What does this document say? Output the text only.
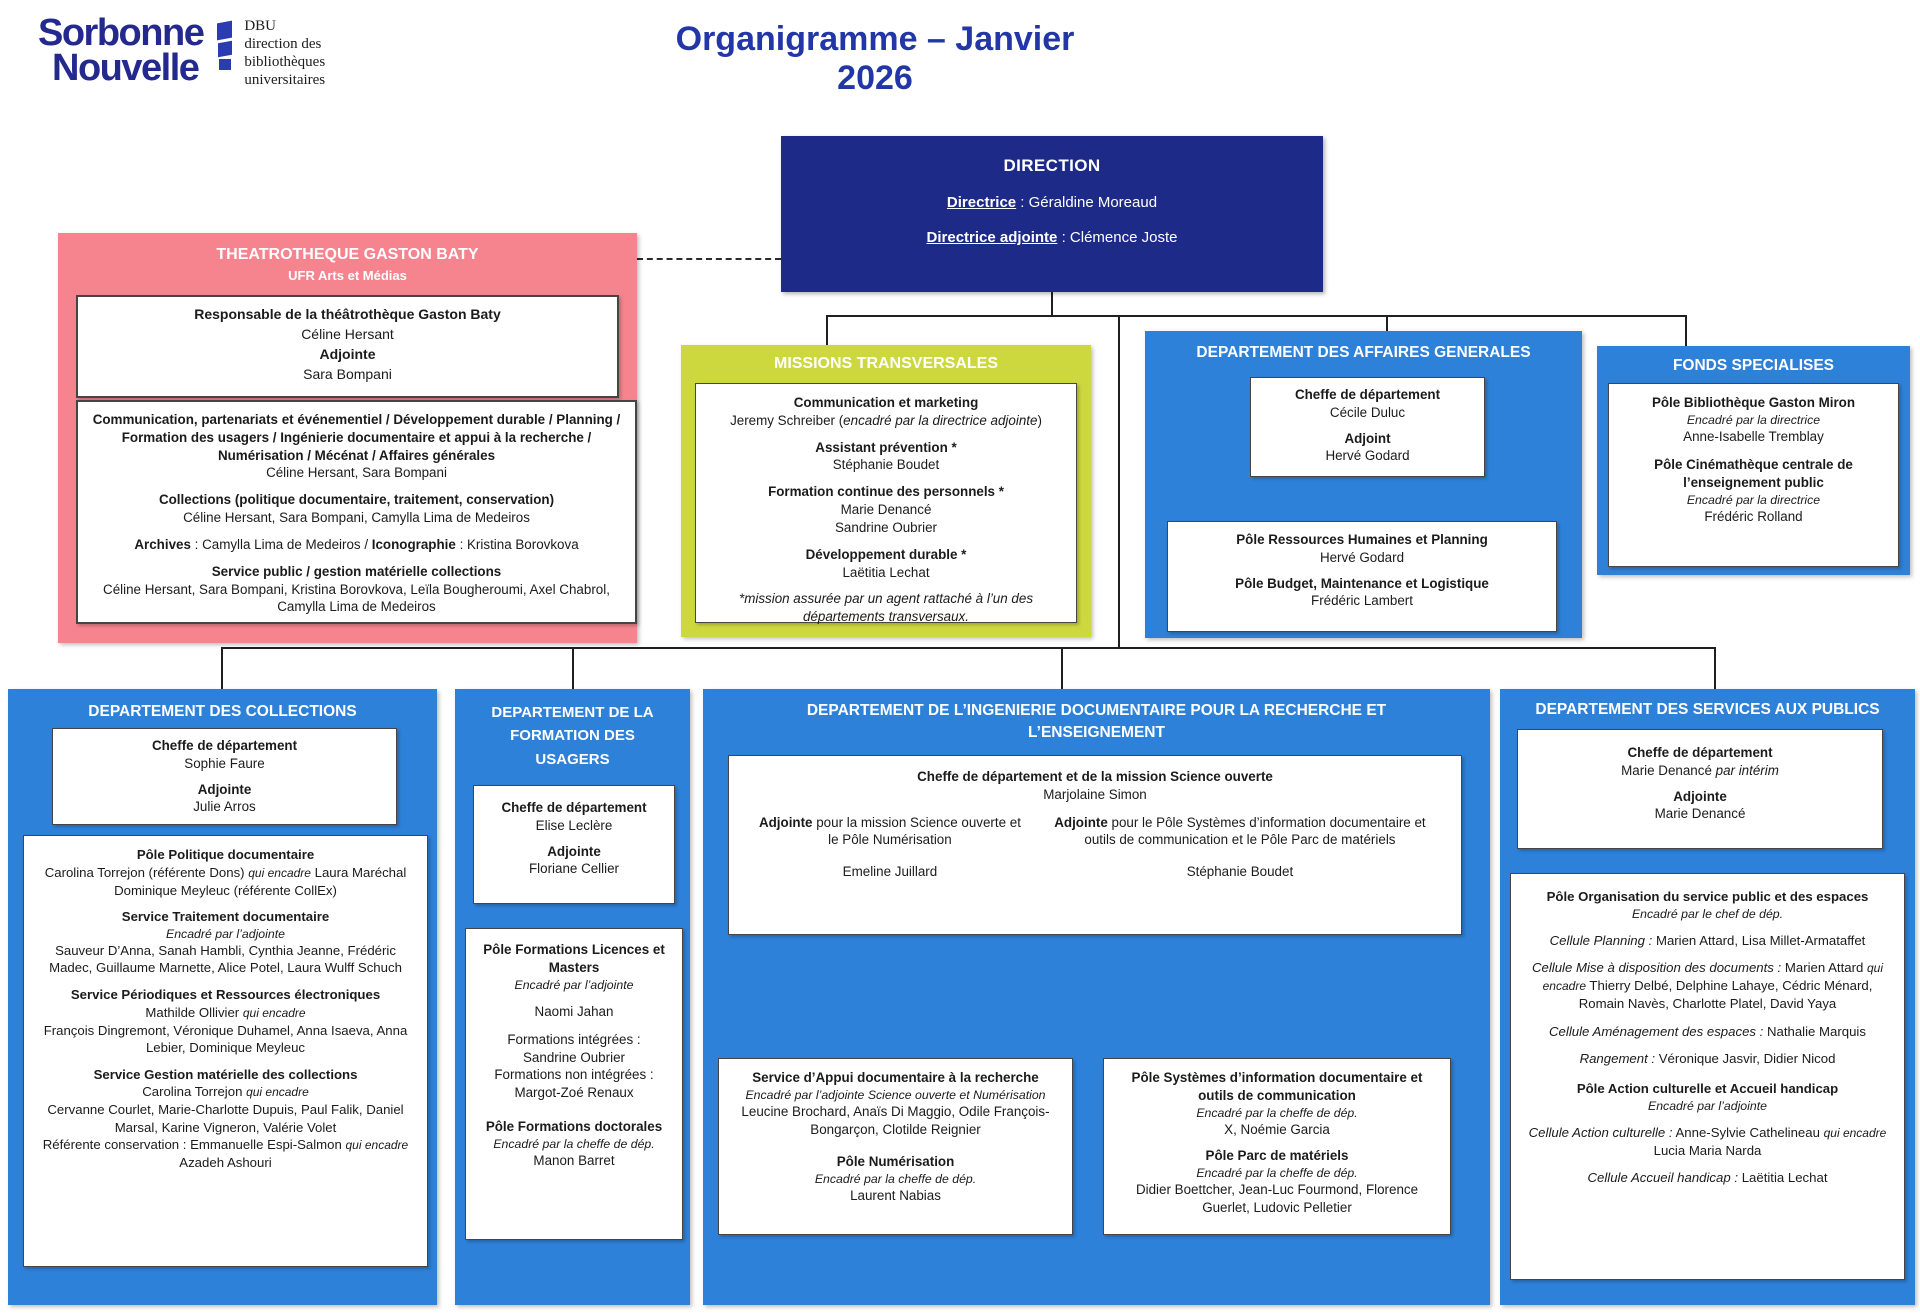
Sorbonne
Nouvelle
DBU
direction des
bibliothèques
universitaires
Organigramme – Janvier 2026
DIRECTION
Directrice : Géraldine Moreaud
Directrice adjointe : Clémence Joste
THEATROTHEQUE GASTON BATY
UFR Arts et Médias
Responsable de la théâtrothèque Gaston Baty
Céline Hersant
Adjointe
Sara Bompani
Communication, partenariats et événementiel / Développement durable / Planning / Formation des usagers / Ingénierie documentaire et appui à la recherche / Numérisation / Mécénat / Affaires générales
Céline Hersant, Sara Bompani
Collections (politique documentaire, traitement, conservation)
Céline Hersant, Sara Bompani, Camylla Lima de Medeiros
Archives : Camylla Lima de Medeiros / Iconographie : Kristina Borovkova
Service public / gestion matérielle collections
Céline Hersant, Sara Bompani, Kristina Borovkova, Leïla Bougheroumi, Axel Chabrol, Camylla Lima de Medeiros
MISSIONS TRANSVERSALES
Communication et marketing
Jeremy Schreiber (encadré par la directrice adjointe)
Assistant prévention *
Stéphanie Boudet
Formation continue des personnels *
Marie Denancé
Sandrine Oubrier
Développement durable *
Laëtitia Lechat
*mission assurée par un agent rattaché à l’un des départements transversaux.
DEPARTEMENT DES AFFAIRES GENERALES
Cheffe de département
Cécile Duluc
Adjoint
Hervé Godard
Pôle Ressources Humaines et Planning
Hervé Godard
Pôle Budget, Maintenance et Logistique
Frédéric Lambert
FONDS SPECIALISES
Pôle Bibliothèque Gaston Miron
Encadré par la directrice
Anne-Isabelle Tremblay
Pôle Cinémathèque centrale de l’enseignement public
Encadré par la directrice
Frédéric Rolland
DEPARTEMENT DES COLLECTIONS
Cheffe de département
Sophie Faure
Adjointe
Julie Arros
Pôle Politique documentaire
Carolina Torrejon (référente Dons) qui encadre Laura Maréchal
Dominique Meyleuc (référente CollEx)
Service Traitement documentaire
Encadré par l’adjointe
Sauveur D’Anna, Sanah Hambli, Cynthia Jeanne, Frédéric Madec, Guillaume Marnette, Alice Potel, Laura Wulff Schuch
Service Périodiques et Ressources électroniques
Mathilde Ollivier qui encadre
François Dingremont, Véronique Duhamel, Anna Isaeva, Anna Lebier, Dominique Meyleuc
Service Gestion matérielle des collections
Carolina Torrejon qui encadre
Cervanne Courlet, Marie-Charlotte Dupuis, Paul Falik, Daniel Marsal, Karine Vigneron, Valérie Volet
Référente conservation : Emmanuelle Espi-Salmon qui encadre
Azadeh Ashouri
DEPARTEMENT DE LA FORMATION DES USAGERS
Cheffe de département
Elise Leclère
Adjointe
Floriane Cellier
Pôle Formations Licences et Masters
Encadré par l’adjointe
Naomi Jahan
Formations intégrées :
Sandrine Oubrier
Formations non intégrées :
Margot-Zoé Renaux
Pôle Formations doctorales
Encadré par la cheffe de dép.
Manon Barret
DEPARTEMENT DE L’INGENIERIE DOCUMENTAIRE POUR LA RECHERCHE ET L’ENSEIGNEMENT
Cheffe de département et de la mission Science ouverte
Marjolaine Simon
Adjointe pour la mission Science ouverte et le Pôle Numérisation
Emeline Juillard
Adjointe pour le Pôle Systèmes d’information documentaire et outils de communication et le Pôle Parc de matériels
Stéphanie Boudet
Service d’Appui documentaire à la recherche
Encadré par l’adjointe Science ouverte et Numérisation
Leucine Brochard, Anaïs Di Maggio, Odile François-Bongarçon, Clotilde Reignier
Pôle Numérisation
Encadré par la cheffe de dép.
Laurent Nabias
Pôle Systèmes d’information documentaire et outils de communication
Encadré par la cheffe de dép.
X, Noémie Garcia
Pôle Parc de matériels
Encadré par la cheffe de dép.
Didier Boettcher, Jean-Luc Fourmond, Florence Guerlet, Ludovic Pelletier
DEPARTEMENT DES SERVICES AUX PUBLICS
Cheffe de département
Marie Denancé par intérim
Adjointe
Marie Denancé
Pôle Organisation du service public et des espaces
Encadré par le chef de dép.
Cellule Planning : Marien Attard, Lisa Millet-Armataffet
Cellule Mise à disposition des documents : Marien Attard qui encadre Thierry Delbé, Delphine Lahaye, Cédric Ménard, Romain Navès, Charlotte Platel, David Yaya
Cellule Aménagement des espaces : Nathalie Marquis
Rangement : Véronique Jasvir, Didier Nicod
Pôle Action culturelle et Accueil handicap
Encadré par l’adjointe
Cellule Action culturelle : Anne-Sylvie Cathelineau qui encadre Lucia Maria Narda
Cellule Accueil handicap : Laëtitia Lechat
